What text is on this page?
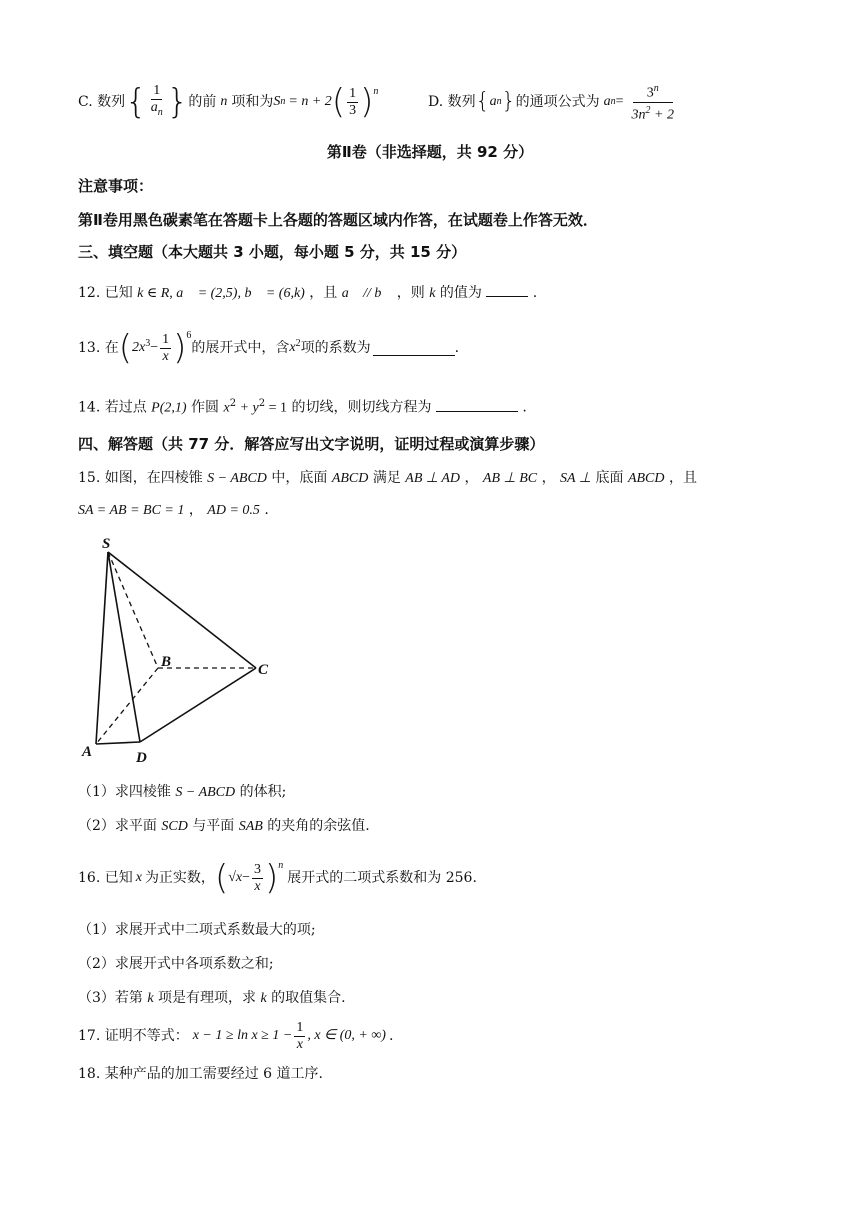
C. 数列 { $\frac{1}{a_n}$ } 的前 n 项和为 S n = n + 2 ( $\frac{1}{3} )^n$
D. 数列 { a n } 的通项公式为 a $n = \frac{3^n}{3n^2 + 2}$
第Ⅱ卷（非选择题，共 92 分）
注意事项：
第Ⅱ卷用黑色碳素笔在答题卡上各题的答题区域内作答，在试题卷上作答无效．
三、填空题（本大题共 3 小题，每小题 5 分，共 15 分）
12. 已知 k ∈ R, a⃗ = (2,5), b⃗ = (6,k) ，且 a⃗ // b⃗ ，则 k 的值为	.
13. 在 ( $2x^3 - \frac{1}{x} )^6$
的展开式中，含 $x^2$ 项的系数为	.
14. 若过点 P(2,1) 作圆 $x^2 + y^2 = 1$ 的切线，则切线方程为	.
四、解答题（共 77 分．解答应写出文字说明，证明过程或演算步骤）
15. 如图，在四棱锥 S − ABCD 中，底面 ABCD 满足 AB ⊥ AD ， AB ⊥ BC ， SA ⊥ 底面 ABCD ，且
SA = AB = BC = 1 ， AD = 0.5 .
S
B	C
A	D
（1）求四棱锥 S − ABCD 的体积;
（2）求平面 SCD 与平面 SAB 的夹角的余弦值.
16. 已知 x 为正实数， ( $√x - \frac{3}{x} )^n$
展开式的二项式系数和为 256.
（1）求展开式中二项式系数最大的项;
（2）求展开式中各项系数之和;
（3）若第 k 项是有理项，求 k 的取值集合.
17. 证明不等式： $x - 1 \ge \ln x \ge 1 - \frac{1}{x}$ , x ∈ (0, + ∞) .
18. 某种产品的加工需要经过 6 道工序.
